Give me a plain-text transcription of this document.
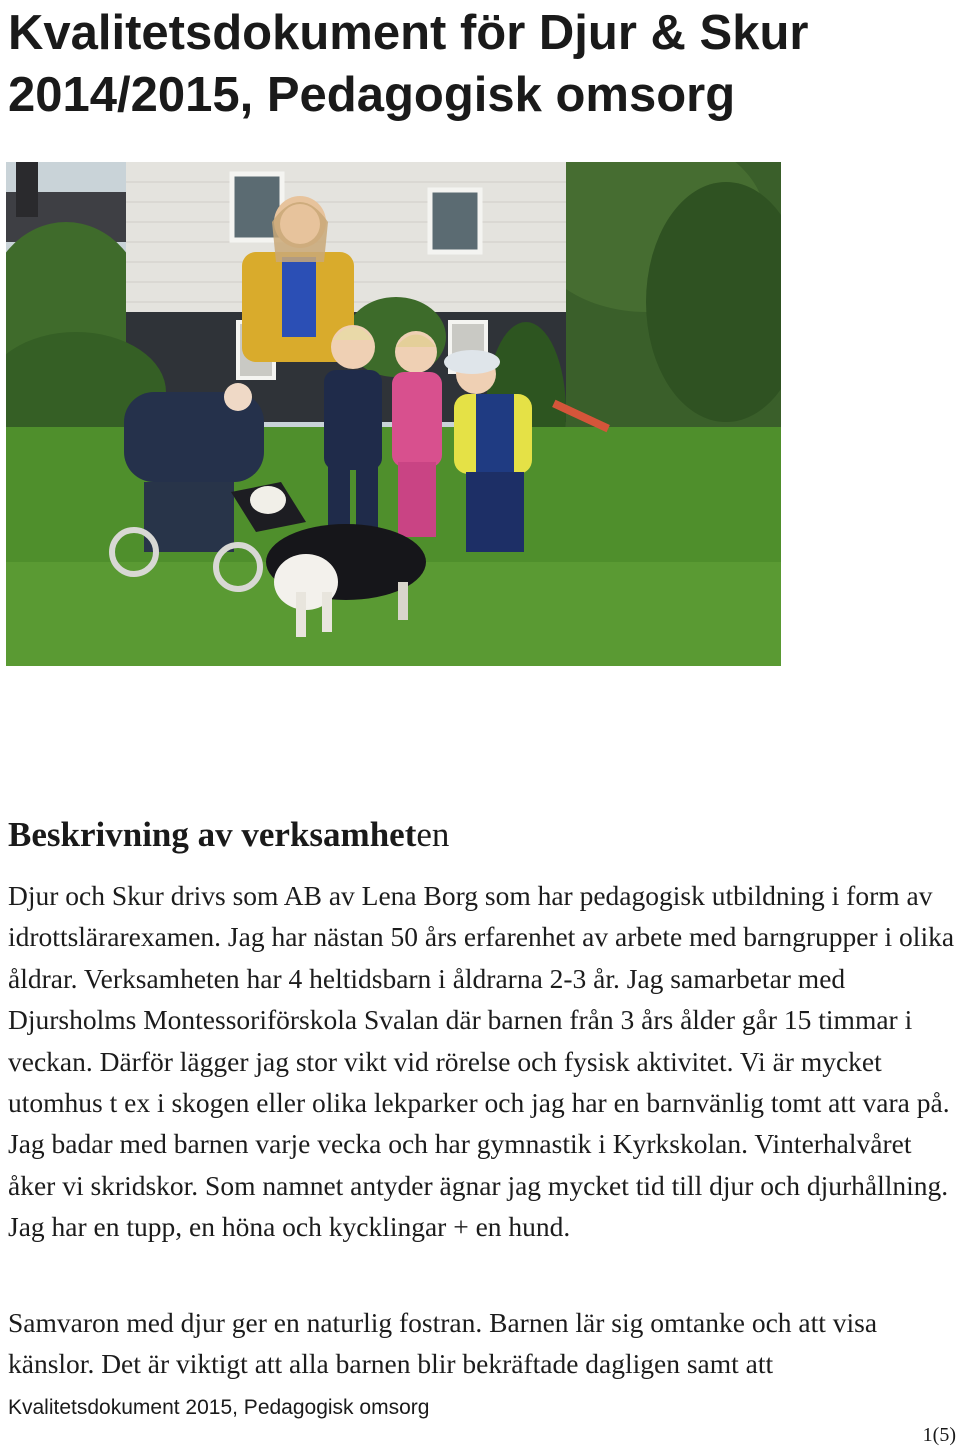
Kvalitetsdokument för Djur & Skur 2014/2015, Pedagogisk omsorg
Beskrivning av verksamheten

Djur och Skur drivs som AB av Lena Borg som har pedagogisk utbildning i form av idrottslärarexamen. Jag har nästan 50 års erfarenhet av arbete med barngrupper i olika åldrar. Verksamheten har 4 heltidsbarn i åldrarna 2-3 år. Jag samarbetar med Djursholms Montessoriförskola Svalan där barnen från 3 års ålder går 15 timmar i veckan. Därför lägger jag stor vikt vid rörelse och fysisk aktivitet. Vi är mycket utomhus t ex i skogen eller olika lekparker och jag har en barnvänlig tomt att vara på. Jag badar med barnen varje vecka och har gymnastik i Kyrkskolan. Vinterhalvåret åker vi skridskor. Som namnet antyder ägnar jag mycket tid till djur och djurhållning. Jag har en tupp, en höna och kycklingar + en hund.

Samvaron med djur ger en naturlig fostran. Barnen lär sig omtanke och att visa känslor. Det är viktigt att alla barnen blir bekräftade dagligen samt att

Kvalitetsdokument 2015, Pedagogisk omsorg

1(5)
